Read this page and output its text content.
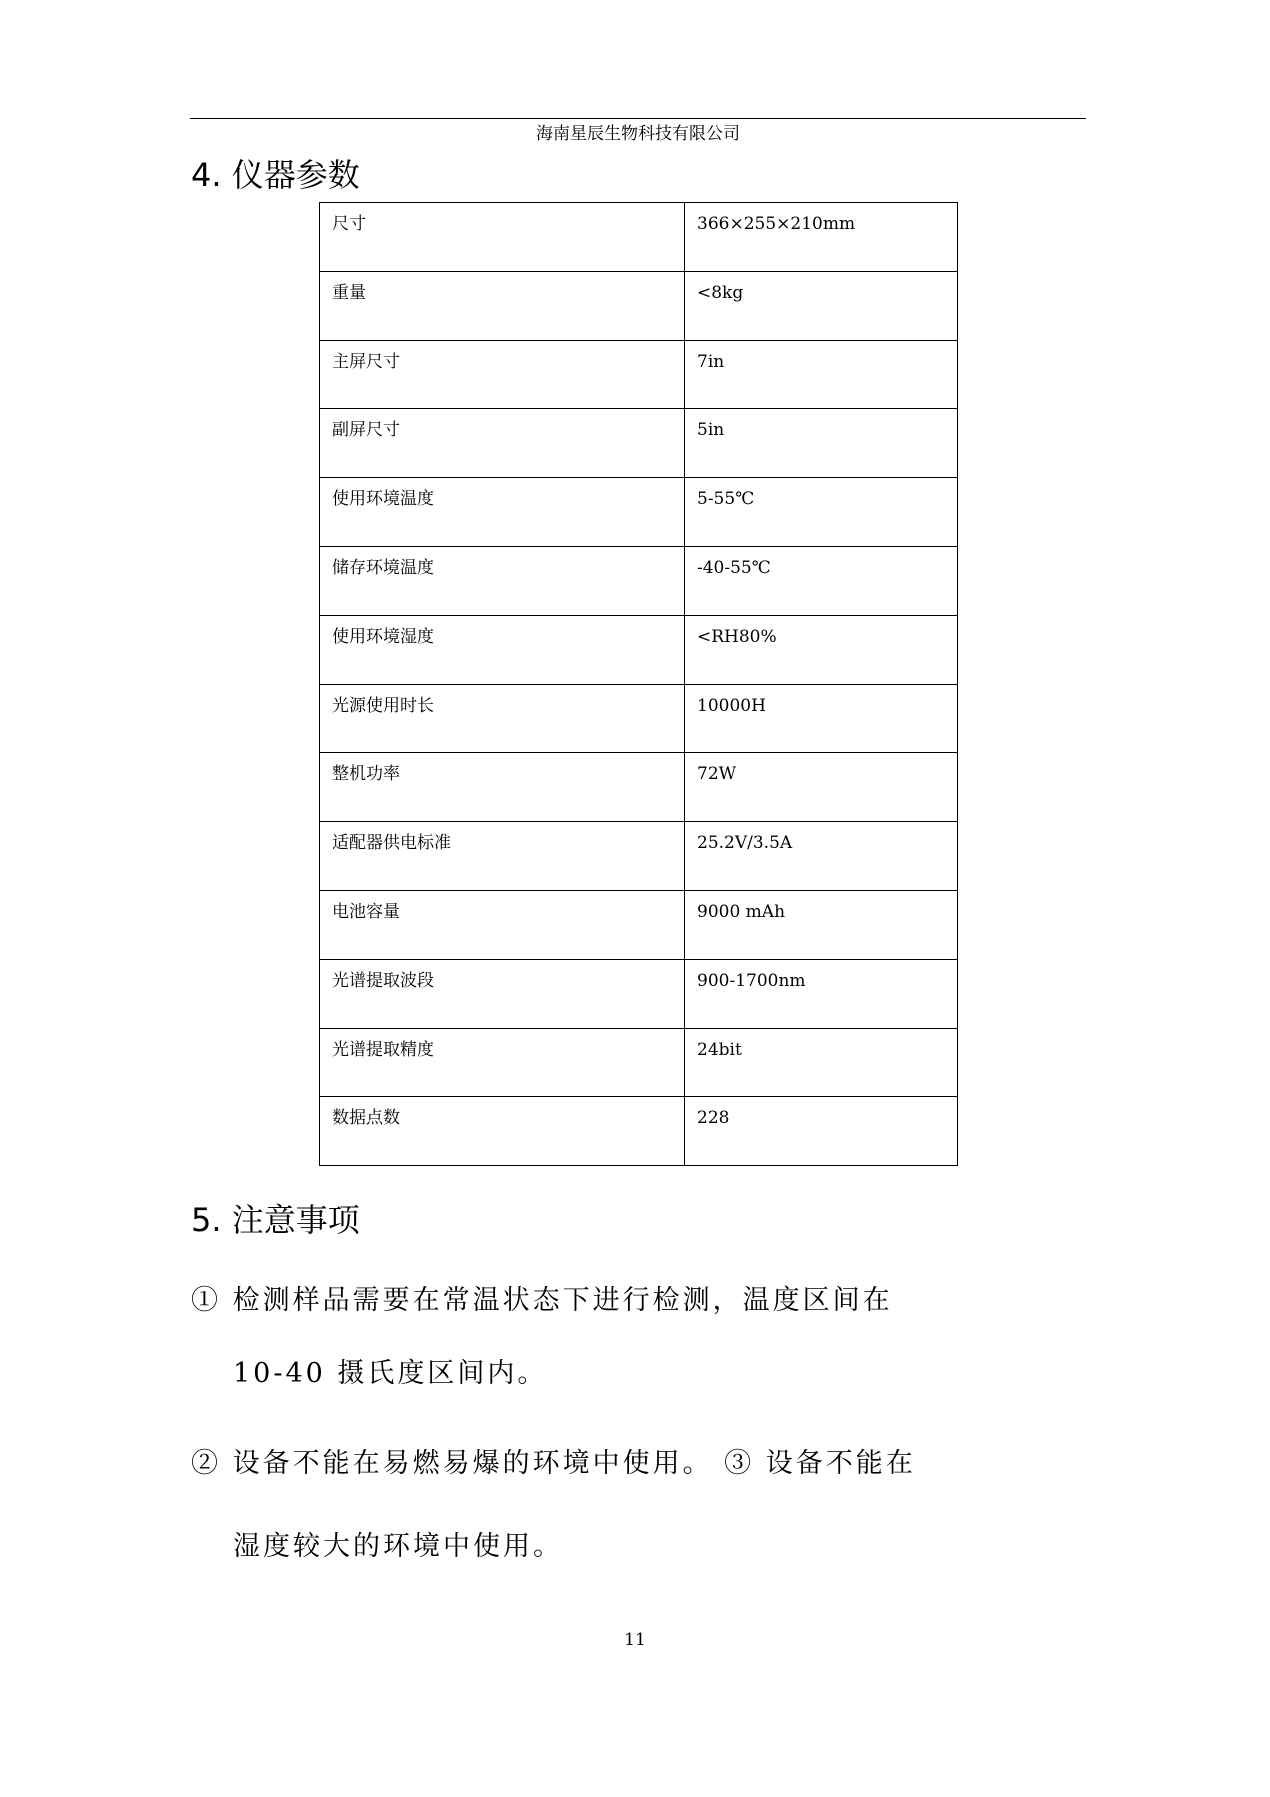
海南星辰生物科技有限公司
4. 仪器参数
尺寸	366×255×210mm
重量	<8kg
主屏尺寸	7in
副屏尺寸	5in
使用环境温度	5-55℃
储存环境温度	-40-55℃
使用环境湿度	<RH80%
光源使用时长	10000H
整机功率	72W
适配器供电标准	25.2V/3.5A
电池容量	9000 mAh
光谱提取波段	900-1700nm
光谱提取精度	24bit
数据点数	228
5. 注意事项
① 检测样品需要在常温状态下进行检测，温度区间在
10-40 摄氏度区间内。
② 设备不能在易燃易爆的环境中使用。 ③ 设备不能在
湿度较大的环境中使用。
11
